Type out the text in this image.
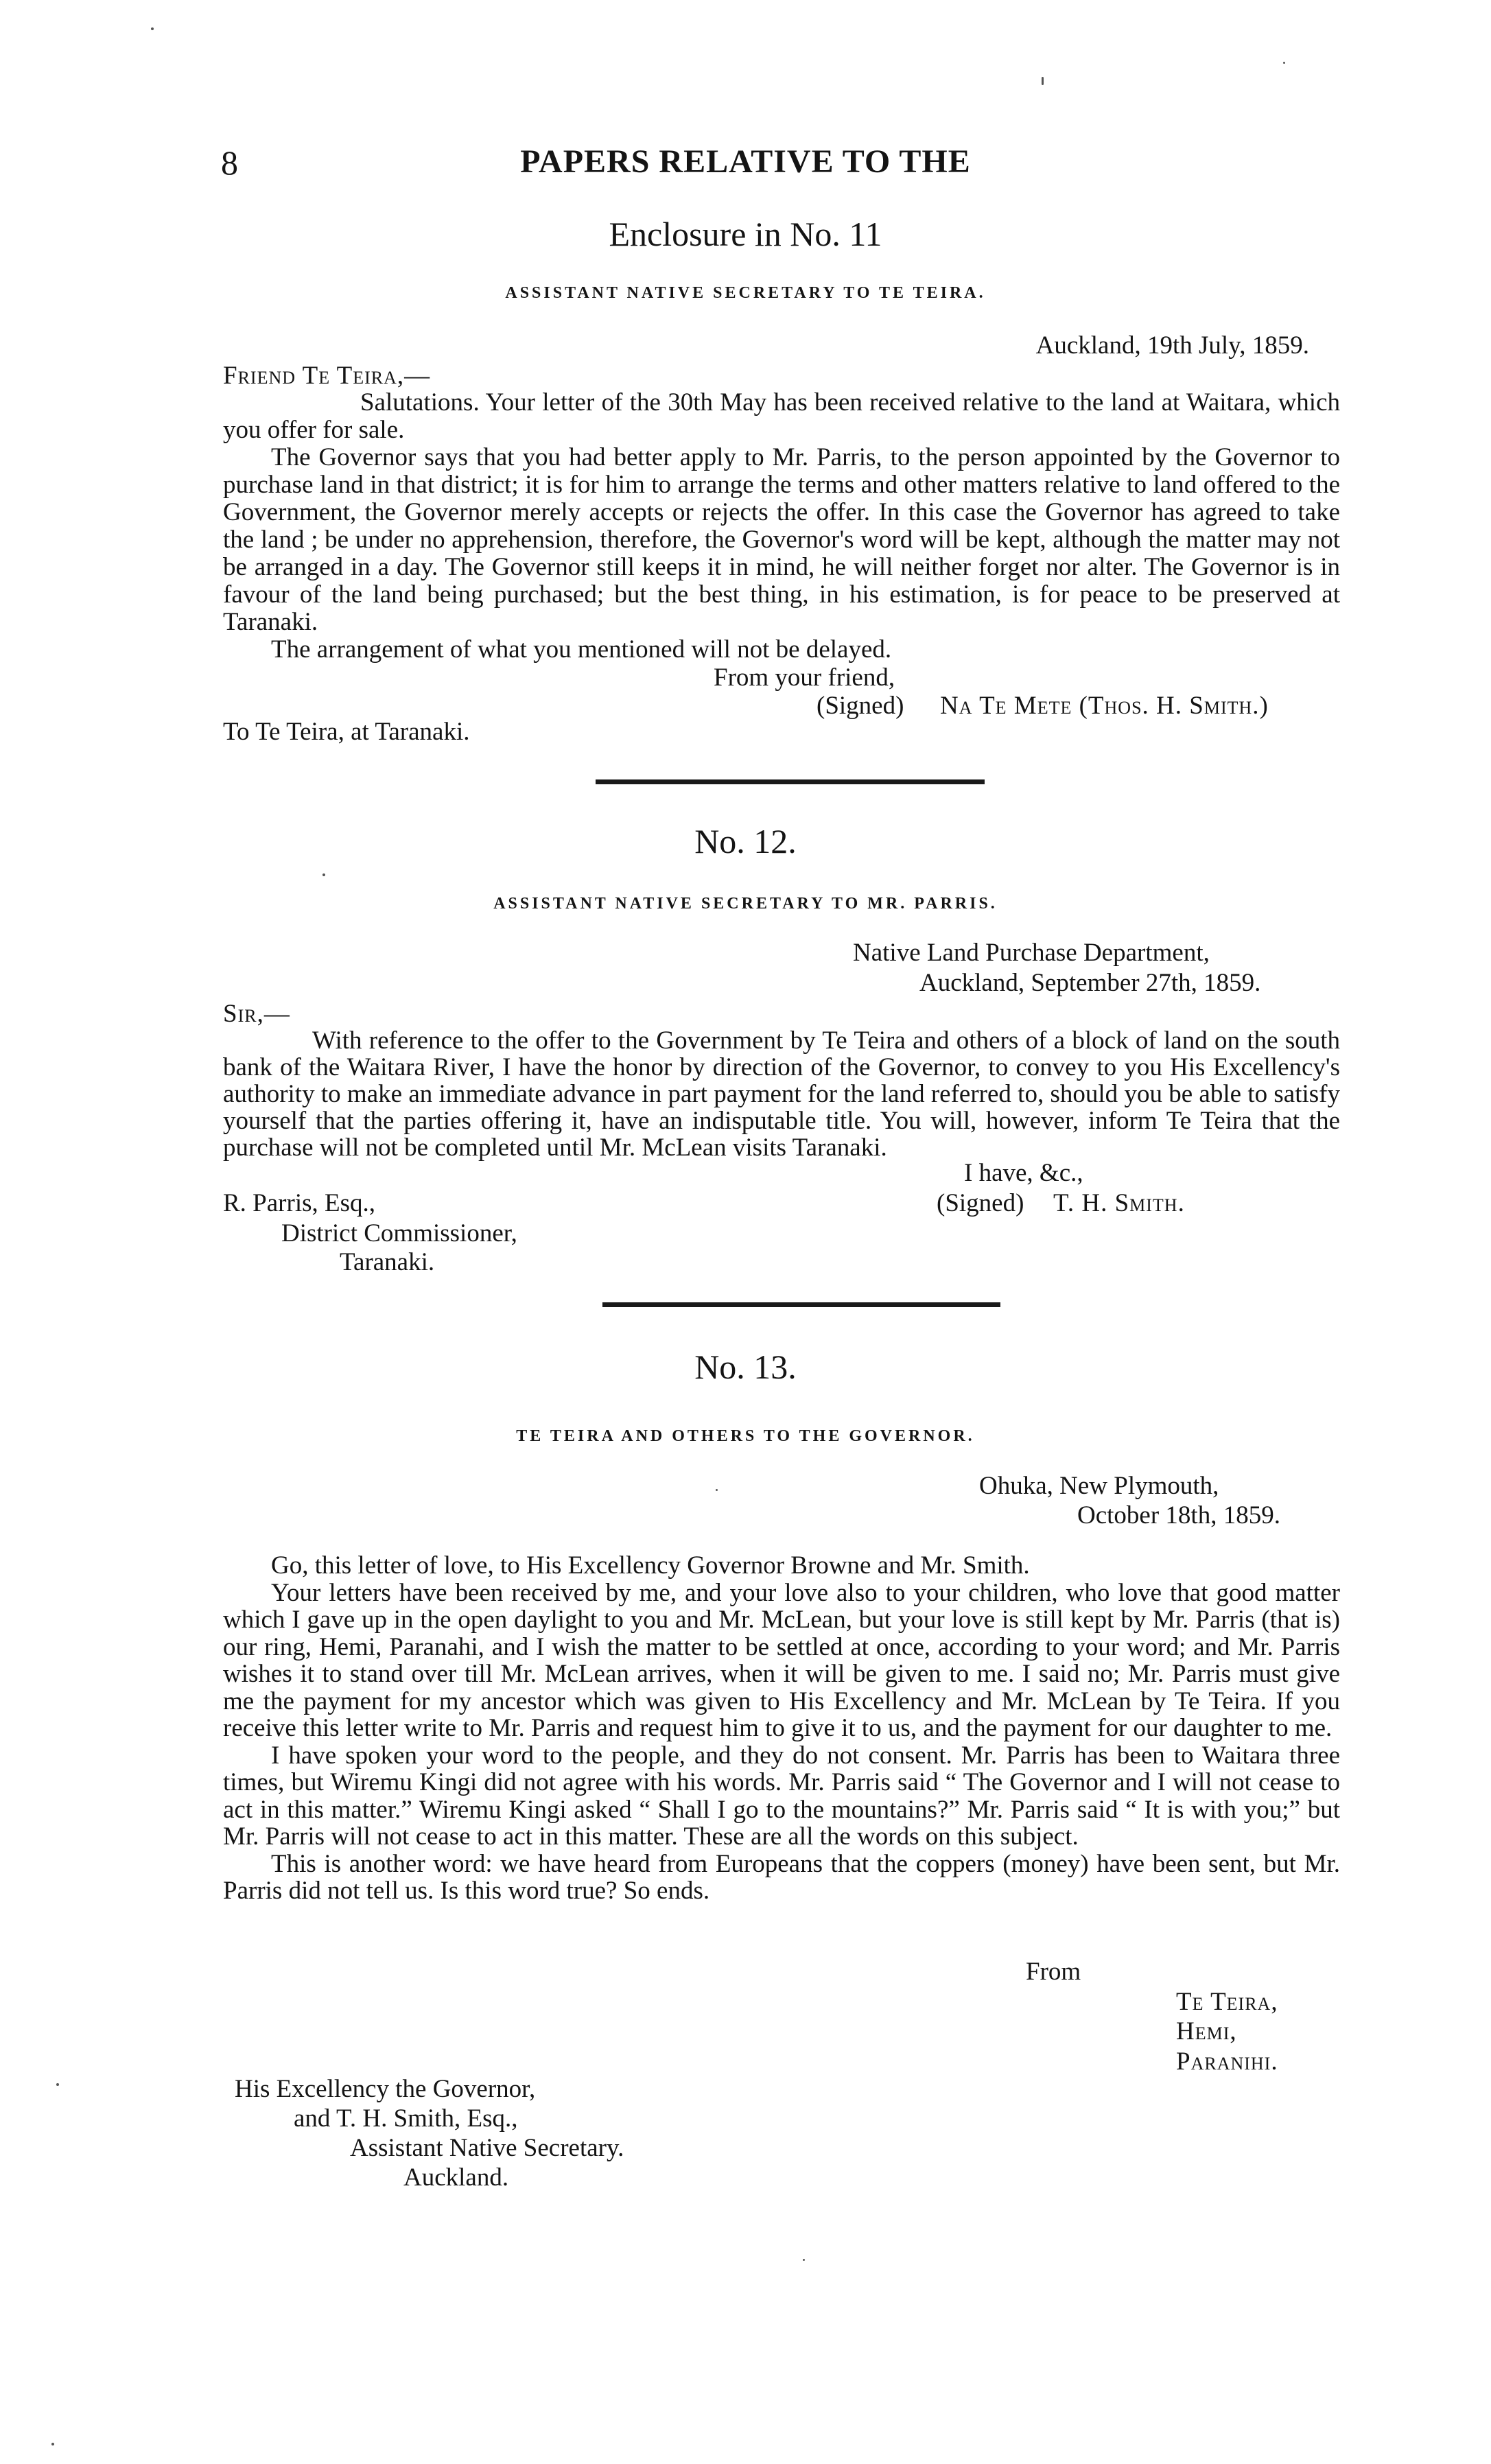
8	PAPERS RELATIVE TO THE
Enclosure in No. 11
ASSISTANT NATIVE SECRETARY TO TE TEIRA.
Auckland, 19th July, 1859.
Friend Te Teira,—

Salutations. Your letter of the 30th May has been received relative to the land at Waitara, which you offer for sale.

The Governor says that you had better apply to Mr. Parris, to the person appointed by the Governor to purchase land in that district; it is for him to arrange the terms and other matters relative to land offered to the Government, the Governor merely accepts or rejects the offer. In this case the Governor has agreed to take the land ; be under no apprehension, therefore, the Governor's word will be kept, although the matter may not be arranged in a day. The Governor still keeps it in mind, he will neither forget nor alter. The Governor is in favour of the land being purchased; but the best thing, in his estimation, is for peace to be preserved at Taranaki.

The arrangement of what you mentioned will not be delayed.

From your friend,
(Signed) Na Te Mete (Thos. H. Smith.)
To Te Teira, at Taranaki.
No. 12.
ASSISTANT NATIVE SECRETARY TO MR. PARRIS.
Native Land Purchase Department,
Auckland, September 27th, 1859.
Sir,—

With reference to the offer to the Government by Te Teira and others of a block of land on the south bank of the Waitara River, I have the honor by direction of the Governor, to convey to you His Excellency's authority to make an immediate advance in part payment for the land referred to, should you be able to satisfy yourself that the parties offering it, have an indisputable title. You will, however, inform Te Teira that the purchase will not be completed until Mr. McLean visits Taranaki.

I have, &c.,
(Signed) T. H. Smith.
R. Parris, Esq.,
District Commissioner,
Taranaki.
No. 13.
TE TEIRA AND OTHERS TO THE GOVERNOR.
Ohuka, New Plymouth,
October 18th, 1859.

Go, this letter of love, to His Excellency Governor Browne and Mr. Smith.

Your letters have been received by me, and your love also to your children, who love that good matter which I gave up in the open daylight to you and Mr. McLean, but your love is still kept by Mr. Parris (that is) our ring, Hemi, Paranahi, and I wish the matter to be settled at once, according to your word; and Mr. Parris wishes it to stand over till Mr. McLean arrives, when it will be given to me. I said no; Mr. Parris must give me the payment for my ancestor which was given to His Excellency and Mr. McLean by Te Teira. If you receive this letter write to Mr. Parris and request him to give it to us, and the payment for our daughter to me.

I have spoken your word to the people, and they do not consent. Mr. Parris has been to Waitara three times, but Wiremu Kingi did not agree with his words. Mr. Parris said “ The Governor and I will not cease to act in this matter.” Wiremu Kingi asked “ Shall I go to the mountains?” Mr. Parris said “ It is with you;” but Mr. Parris will not cease to act in this matter. These are all the words on this subject.

This is another word: we have heard from Europeans that the coppers (money) have been sent, but Mr. Parris did not tell us. Is this word true? So ends.

From
Te Teira,
Hemi,
Paranihi.
His Excellency the Governor,
and T. H. Smith, Esq.,
Assistant Native Secretary.
Auckland.
